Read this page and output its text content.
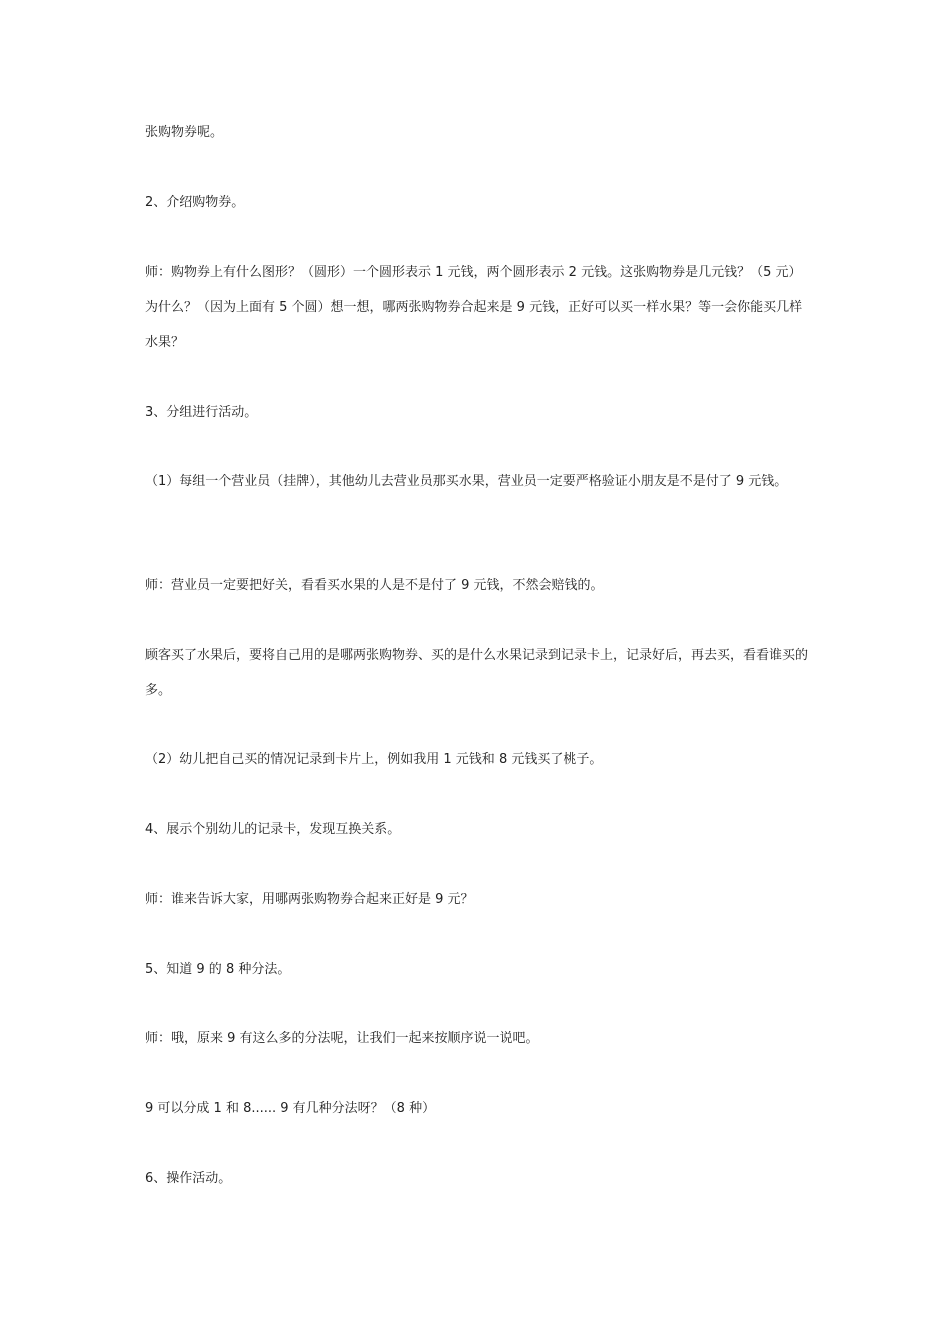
张购物券呢。

2、介绍购物券。

师：购物券上有什么图形？（圆形）一个圆形表示 1 元钱，两个圆形表示 2 元钱。这张购物券是几元钱？（5 元）为什么？（因为上面有 5 个圆）想一想，哪两张购物券合起来是 9 元钱，正好可以买一样水果？等一会你能买几样水果？

3、分组进行活动。

（1）每组一个营业员（挂牌），其他幼儿去营业员那买水果，营业员一定要严格验证小朋友是不是付了 9 元钱。

师：营业员一定要把好关，看看买水果的人是不是付了 9 元钱，不然会赔钱的。

顾客买了水果后，要将自己用的是哪两张购物券、买的是什么水果记录到记录卡上，记录好后，再去买，看看谁买的多。

（2）幼儿把自己买的情况记录到卡片上，例如我用 1 元钱和 8 元钱买了桃子。

4、展示个别幼儿的记录卡，发现互换关系。

师：谁来告诉大家，用哪两张购物券合起来正好是 9 元？

5、知道 9 的 8 种分法。

师：哦，原来 9 有这么多的分法呢，让我们一起来按顺序说一说吧。

9 可以分成 1 和 8...... 9 有几种分法呀？（8 种）

6、操作活动。
